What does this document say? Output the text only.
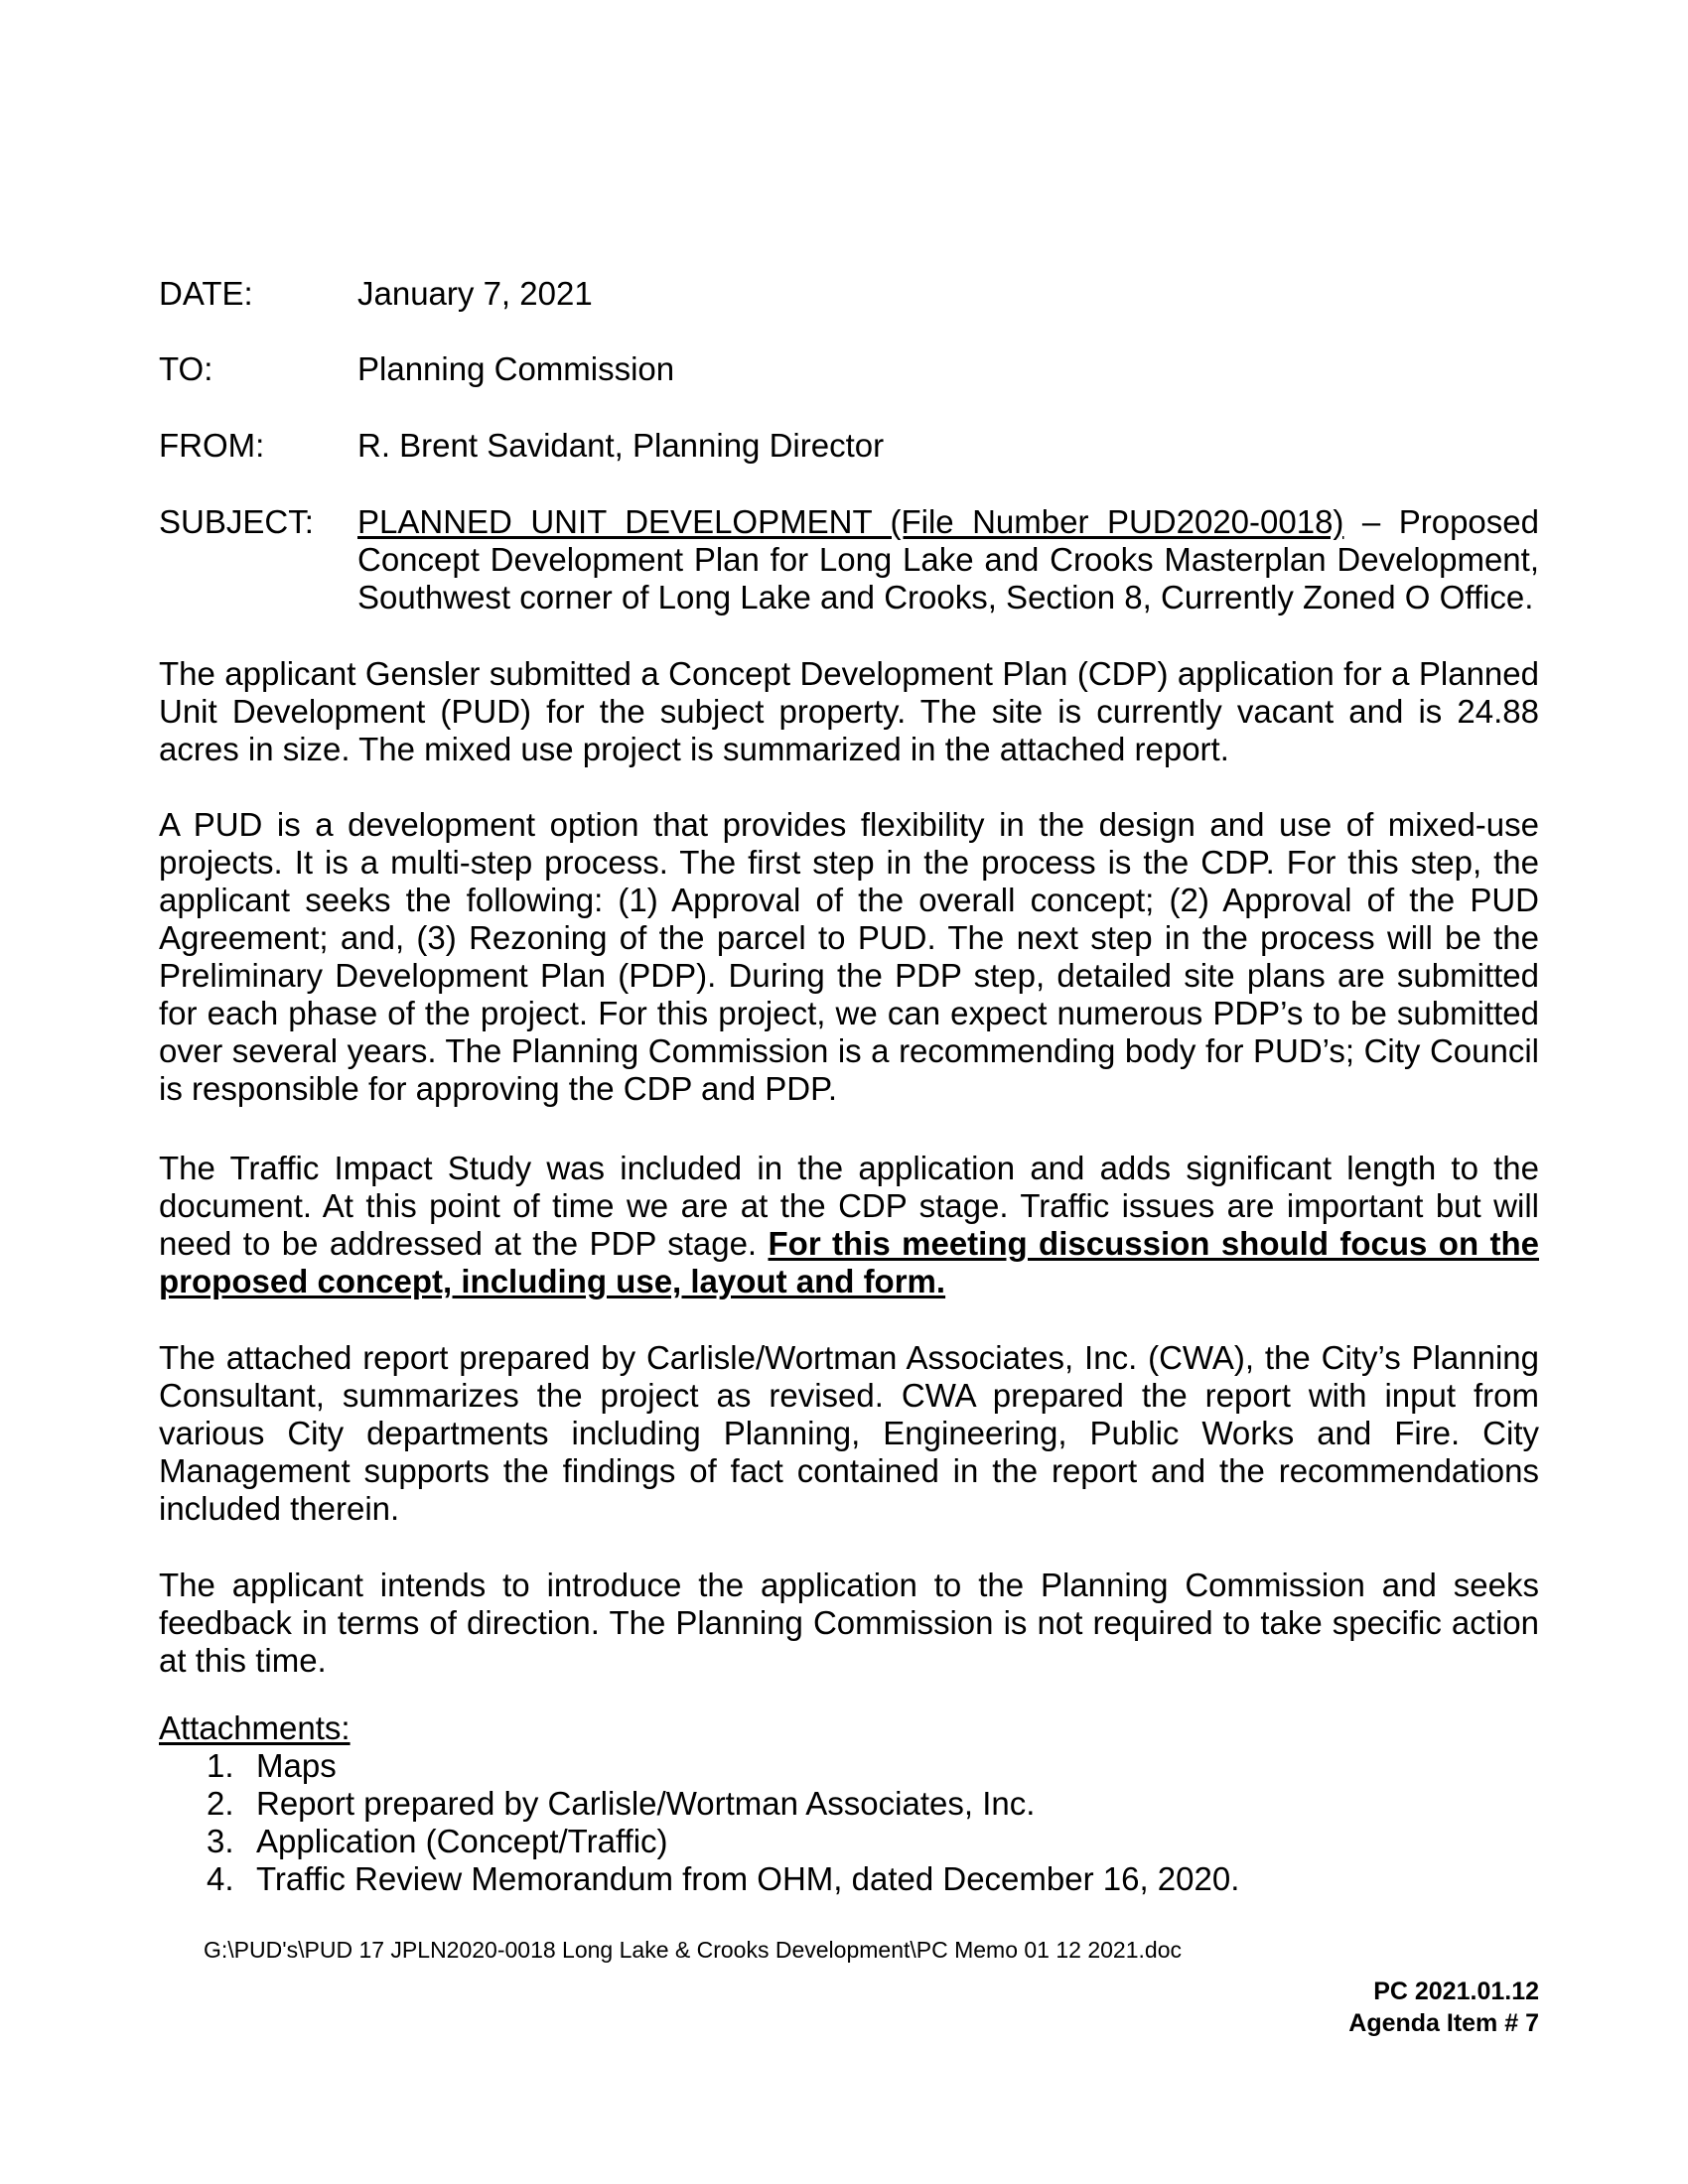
DATE:	January 7, 2021
TO:	Planning Commission
FROM:	R. Brent Savidant, Planning Director
SUBJECT: PLANNED UNIT DEVELOPMENT (File Number PUD2020-0018) – Proposed Concept Development Plan for Long Lake and Crooks Masterplan Development, Southwest corner of Long Lake and Crooks, Section 8, Currently Zoned O Office.

The applicant Gensler submitted a Concept Development Plan (CDP) application for a Planned Unit Development (PUD) for the subject property. The site is currently vacant and is 24.88 acres in size. The mixed use project is summarized in the attached report.

A PUD is a development option that provides flexibility in the design and use of mixed-use projects. It is a multi-step process. The first step in the process is the CDP. For this step, the applicant seeks the following: (1) Approval of the overall concept; (2) Approval of the PUD Agreement; and, (3) Rezoning of the parcel to PUD. The next step in the process will be the Preliminary Development Plan (PDP). During the PDP step, detailed site plans are submitted for each phase of the project. For this project, we can expect numerous PDP’s to be submitted over several years. The Planning Commission is a recommending body for PUD’s; City Council is responsible for approving the CDP and PDP.

The Traffic Impact Study was included in the application and adds significant length to the document. At this point of time we are at the CDP stage. Traffic issues are important but will need to be addressed at the PDP stage. For this meeting discussion should focus on the proposed concept, including use, layout and form.

The attached report prepared by Carlisle/Wortman Associates, Inc. (CWA), the City’s Planning Consultant, summarizes the project as revised. CWA prepared the report with input from various City departments including Planning, Engineering, Public Works and Fire. City Management supports the findings of fact contained in the report and the recommendations included therein.

The applicant intends to introduce the application to the Planning Commission and seeks feedback in terms of direction. The Planning Commission is not required to take specific action at this time.

Attachments:
1. Maps
2. Report prepared by Carlisle/Wortman Associates, Inc.
3. Application (Concept/Traffic)
4. Traffic Review Memorandum from OHM, dated December 16, 2020.
G:\PUD's\PUD 17 JPLN2020-0018 Long Lake & Crooks Development\PC Memo 01 12 2021.doc
PC 2021.01.12
Agenda Item # 7
